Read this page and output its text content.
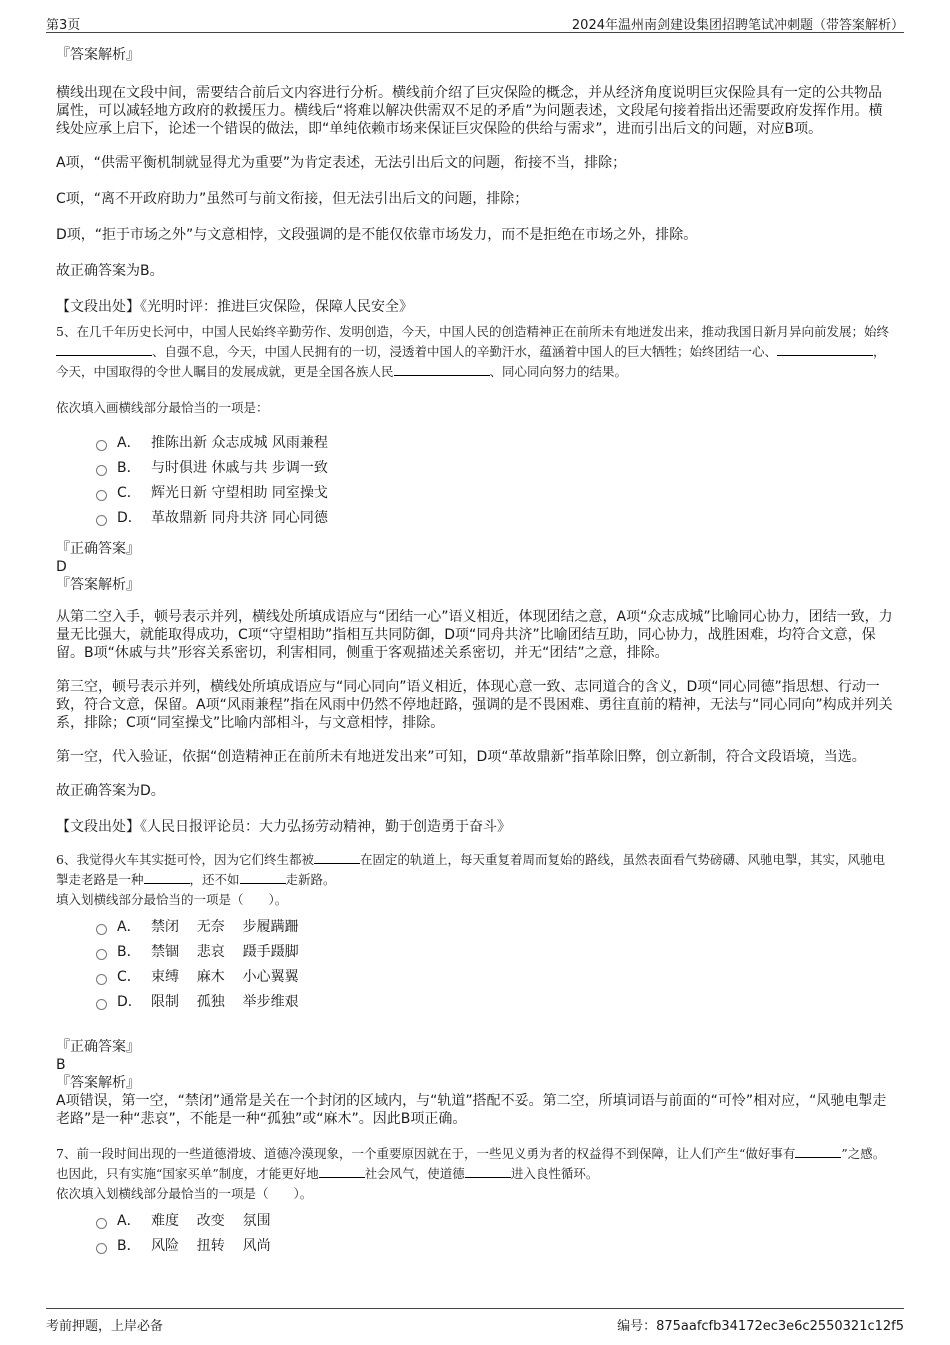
第3页	2024年温州南剑建设集团招聘笔试冲刺题（带答案解析）

『答案解析』

横线出现在文段中间，需要结合前后文内容进行分析。横线前介绍了巨灾保险的概念，并从经济角度说明巨灾保险具有一定的公共物品属性，可以减轻地方政府的救援压力。横线后“将难以解决供需双不足的矛盾”为问题表述，文段尾句接着指出还需要政府发挥作用。横线处应承上启下，论述一个错误的做法，即“单纯依赖市场来保证巨灾保险的供给与需求”，进而引出后文的问题，对应B项。

A项，“供需平衡机制就显得尤为重要”为肯定表述，无法引出后文的问题，衔接不当，排除；

C项，“离不开政府助力”虽然可与前文衔接，但无法引出后文的问题，排除；

D项，“拒于市场之外”与文意相悖，文段强调的是不能仅依靠市场发力，而不是拒绝在市场之外，排除。

故正确答案为B。

【文段出处】《光明时评：推进巨灾保险，保障人民安全》

5、在几千年历史长河中，中国人民始终辛勤劳作、发明创造，今天，中国人民的创造精神正在前所未有地迸发出来，推动我国日新月异向前发展；始终、自强不息，今天，中国人民拥有的一切，浸透着中国人的辛勤汗水，蕴涵着中国人的巨大牺牲；始终团结一心、	，今天，中国取得的令世人瞩目的发展成就，更是全国各族人民	、同心同向努力的结果。

依次填入画横线部分最恰当的一项是：

A． 推陈出新 众志成城 风雨兼程
B． 与时俱进 休戚与共 步调一致
C． 辉光日新 守望相助 同室操戈
D． 革故鼎新 同舟共济 同心同德

『正确答案』

D

『答案解析』

从第二空入手，顿号表示并列，横线处所填成语应与“团结一心”语义相近，体现团结之意，A项“众志成城”比喻同心协力，团结一致，力量无比强大，就能取得成功，C项“守望相助”指相互共同防御，D项“同舟共济”比喻团结互助，同心协力，战胜困难，均符合文意，保留。B项“休戚与共”形容关系密切，利害相同，侧重于客观描述关系密切，并无“团结”之意，排除。

第三空，顿号表示并列，横线处所填成语应与“同心同向”语义相近，体现心意一致、志同道合的含义，D项“同心同德”指思想、行动一致，符合文意，保留。A项“风雨兼程”指在风雨中仍然不停地赶路，强调的是不畏困难、勇往直前的精神，无法与“同心同向”构成并列关系，排除；C项“同室操戈”比喻内部相斗，与文意相悖，排除。

第一空，代入验证，依据“创造精神正在前所未有地迸发出来”可知，D项“革故鼎新”指革除旧弊，创立新制，符合文段语境，当选。

故正确答案为D。

【文段出处】《人民日报评论员：大力弘扬劳动精神，勤于创造勇于奋斗》

6、我觉得火车其实挺可怜，因为它们终生都被	在固定的轨道上，每天重复着周而复始的路线，虽然表面看气势磅礴、风驰电掣，其实，风驰电掣走老路是一种	，还不如	走新路。

填入划横线部分最恰当的一项是（　　）。

A． 禁闭    无奈    步履蹒跚
B． 禁锢    悲哀    蹑手蹑脚
C． 束缚    麻木    小心翼翼
D． 限制    孤独    举步维艰

『正确答案』

B

『答案解析』

A项错误，第一空，“禁闭”通常是关在一个封闭的区域内，与“轨道”搭配不妥。第二空，所填词语与前面的“可怜”相对应，“风驰电掣走老路”是一种“悲哀”，不能是一种“孤独”或“麻木”。因此B项正确。

7、前一段时间出现的一些道德滑坡、道德冷漠现象，一个重要原因就在于，一些见义勇为者的权益得不到保障，让人们产生“做好事有	”之感。也因此，只有实施“国家买单”制度，才能更好地	社会风气，使道德	进入良性循环。

依次填入划横线部分最恰当的一项是（　　）。

A． 难度    改变    氛围
B． 风险    扭转    风尚
考前押题，上岸必备	编号：875aafcfb34172ec3e6c2550321c12f5
